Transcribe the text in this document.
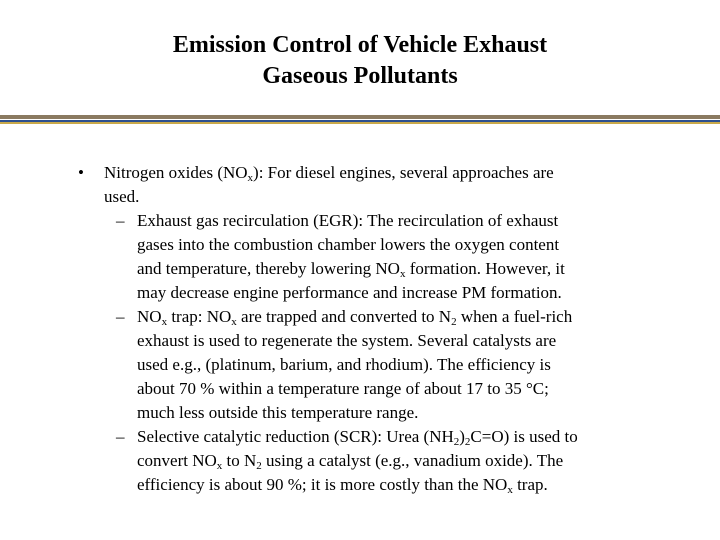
Emission Control of Vehicle Exhaust
Gaseous Pollutants
• Nitrogen oxides $(NO_x)$: For diesel engines, several approaches are
used.
– Exhaust gas recirculation (EGR): The recirculation of exhaust
gases into the combustion chamber lowers the oxygen content
and temperature, thereby lowering $NO_x$ formation. However, it
may decrease engine performance and increase PM formation.
– $NO_x$ trap: $NO_x$ are trapped and converted to $N_2$ when a fuel-rich
exhaust is used to regenerate the system. Several catalysts are
used e.g., (platinum, barium, and rhodium). The efficiency is
about 70 % within a temperature range of about 17 to 35 °C;
much less outside this temperature range.
– Selective catalytic reduction (SCR): Urea $(NH_2)_2C=O$) is used to
convert $NO_x$ to $N_2$ using a catalyst (e.g., vanadium oxide). The
efficiency is about 90 %; it is more costly than the $NO_x$ trap.
